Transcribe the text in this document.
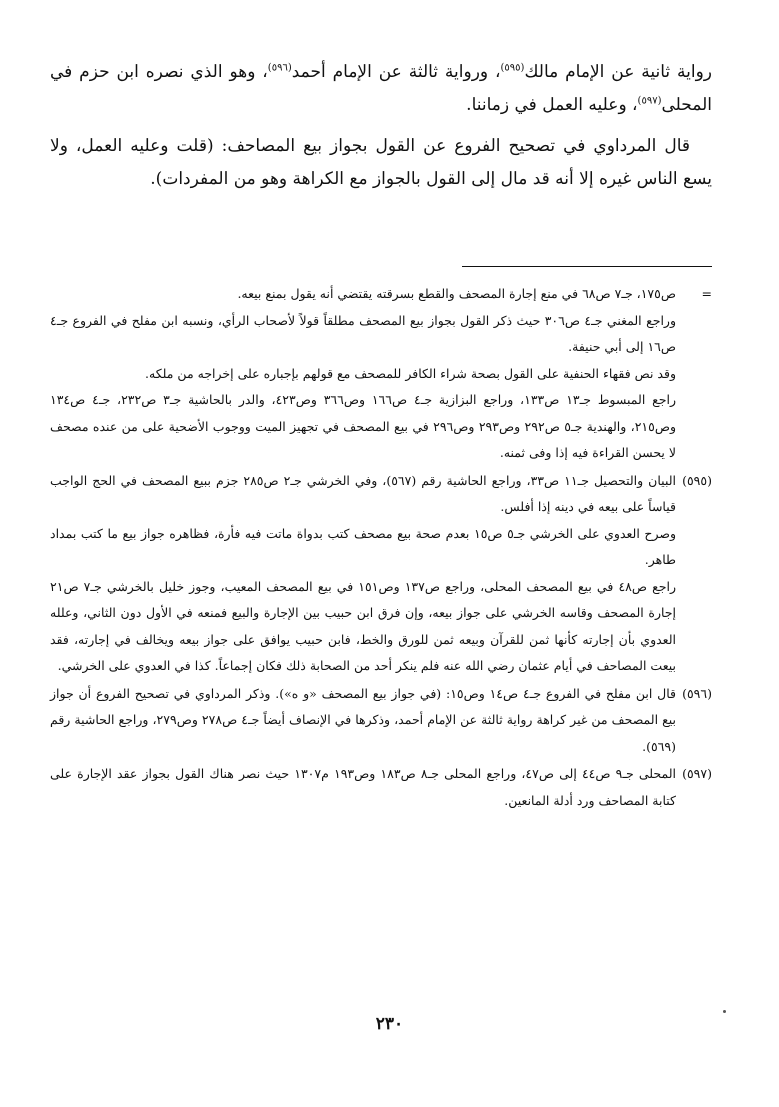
رواية ثانية عن الإمام مالك$^{(٥٩٥)}$، ورواية ثالثة عن الإمام أحمد$^{(٥٩٦)}$، وهو الذي نصره ابن حزم في المحلى$^{(٥٩٧)}$، وعليه العمل في زماننا.

قال المرداوي في تصحيح الفروع عن القول بجواز بيع المصاحف: (قلت وعليه العمل، ولا يسع الناس غيره إلا أنه قد مال إلى القول بالجواز مع الكراهة وهو من المفردات).

=

ص١٧٥، جـ٧ ص٦٨ في منع إجارة المصحف والقطع بسرقته يقتضي أنه يقول بمنع بيعه.

وراجع المغني جـ٤ ص٣٠٦ حيث ذكر القول بجواز بيع المصحف مطلقاً قولاً لأصحاب الرأي، ونسبه ابن مفلح في الفروع جـ٤ ص١٦ إلى أبي حنيفة.

وقد نص فقهاء الحنفية على القول بصحة شراء الكافر للمصحف مع قولهم بإجباره على إخراجه من ملكه.

راجع المبسوط جـ١٣ ص١٣٣، وراجع البزازية جـ٤ ص١٦٦ وص٣٦٦ وص٤٢٣، والدر بالحاشية جـ٣ ص٢٣٢، جـ٤ ص١٣٤ وص٢١٥، والهندية جـ٥ ص٢٩٢ وص٢٩٣ وص٢٩٦ في بيع المصحف في تجهيز الميت ووجوب الأضحية على من عنده مصحف لا يحسن القراءة فيه إذا وفى ثمنه.

(٥٩٥)

البيان والتحصيل جـ١١ ص٣٣، وراجع الحاشية رقم (٥٦٧)، وفي الخرشي جـ٢ ص٢٨٥ جزم ببيع المصحف في الحج الواجب قياساً على بيعه في دينه إذا أفلس.

وصرح العدوي على الخرشي جـ٥ ص١٥ بعدم صحة بيع مصحف كتب بدواة ماتت فيه فأرة، فظاهره جواز بيع ما كتب بمداد طاهر.

راجع ص٤٨ في بيع المصحف المحلى، وراجع ص١٣٧ وص١٥١ في بيع المصحف المعيب، وجوز خليل بالخرشي جـ٧ ص٢١ إجارة المصحف وقاسه الخرشي على جواز بيعه، وإن فرق ابن حبيب بين الإجارة والبيع فمنعه في الأول دون الثاني، وعلله العدوي بأن إجارته كأنها ثمن للقرآن وبيعه ثمن للورق والخط، فابن حبيب يوافق على جواز بيعه ويخالف في إجارته، فقد بيعت المصاحف في أيام عثمان رضي الله عنه فلم ينكر أحد من الصحابة ذلك فكان إجماعاً. كذا في العدوي على الخرشي.

(٥٩٦)

قال ابن مفلح في الفروع جـ٤ ص١٤ وص١٥: (في جواز بيع المصحف «و ه»). وذكر المرداوي في تصحيح الفروع أن جواز بيع المصحف من غير كراهة رواية ثالثة عن الإمام أحمد، وذكرها في الإنصاف أيضاً جـ٤ ص٢٧٨ وص٢٧٩، وراجع الحاشية رقم (٥٦٩).

(٥٩٧)

المحلى جـ٩ ص٤٤ إلى ص٤٧، وراجع المحلى جـ٨ ص١٨٣ وص١٩٣ م١٣٠٧ حيث نصر هناك القول بجواز عقد الإجارة على كتابة المصاحف ورد أدلة المانعين.

٢٣٠
